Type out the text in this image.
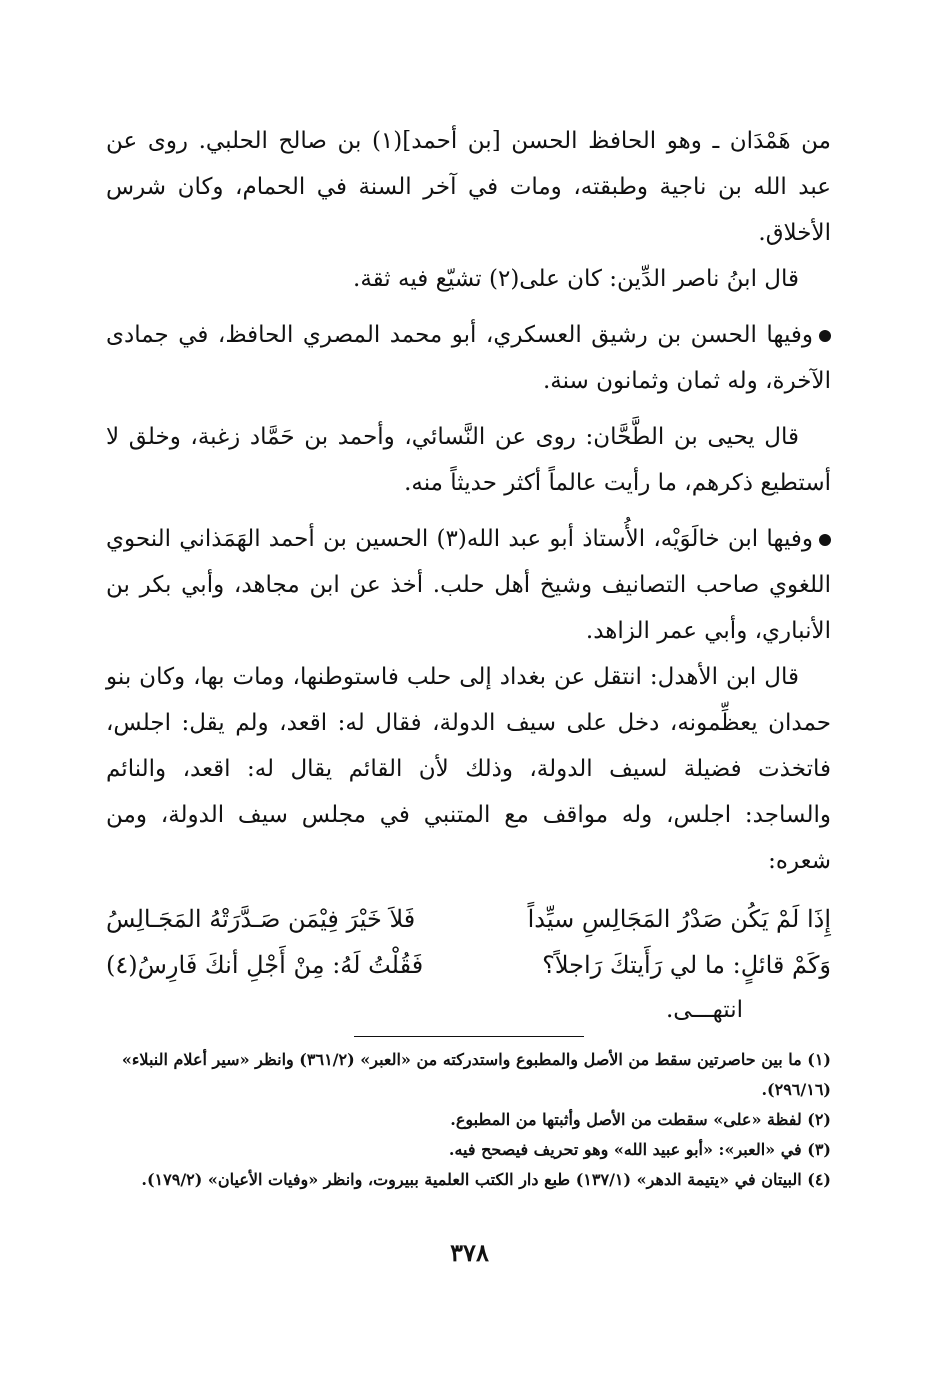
من هَمْدَان ـ وهو الحافظ الحسن [بن أحمد](١) بن صالح الحلبي. روى عن عبد الله بن ناجية وطبقته، ومات في آخر السنة في الحمام، وكان شرس الأخلاق.

قال ابنُ ناصر الدِّين: كان على(٢) تشيّع فيه ثقة.

وفيها الحسن بن رشيق العسكري، أبو محمد المصري الحافظ، في جمادى الآخرة، وله ثمان وثمانون سنة.

قال يحيى بن الطَّحَّان: روى عن النَّسائي، وأحمد بن حَمَّاد زغبة، وخلق لا أستطيع ذكرهم، ما رأيت عالماً أكثر حديثاً منه.

وفيها ابن خالَوَيْه، الأُستاذ أبو عبد الله(٣) الحسين بن أحمد الهَمَذاني النحوي اللغوي صاحب التصانيف وشيخ أهل حلب. أخذ عن ابن مجاهد، وأبي بكر بن الأنباري، وأبي عمر الزاهد.

قال ابن الأهدل: انتقل عن بغداد إلى حلب فاستوطنها، ومات بها، وكان بنو حمدان يعظِّمونه، دخل على سيف الدولة، فقال له: اقعد، ولم يقل: اجلس، فاتخذت فضيلة لسيف الدولة، وذلك لأن القائم يقال له: اقعد، والنائم والساجد: اجلس، وله مواقف مع المتنبي في مجلس سيف الدولة، ومن شعره:

إِذَا لَمْ يَكُن صَدْرُ المَجَالِسِ سيِّداً
فَلاَ خَيْرَ فِيْمَن صَـدَّرَتْهُ المَجَـالِسُ
وَكَمْ قائلٍ: ما لي رَأَيتكَ رَاجلاً؟
فَقُلْتُ لَهُ: مِنْ أَجْلِ أنكَ فَارِسُ(٤)
انتهـــى.

(١) ما بين حاصرتين سقط من الأصل والمطبوع واستدركته من «العبر» (٣٦١/٢) وانظر «سير أعلام النبلاء» (٢٩٦/١٦).

(٢) لفظة «على» سقطت من الأصل وأثبتها من المطبوع.

(٣) في «العبر»: «أبو عبيد الله» وهو تحريف فيصحح فيه.

(٤) البيتان في «يتيمة الدهر» (١٣٧/١) طبع دار الكتب العلمية ببيروت، وانظر «وفيات الأعيان» (١٧٩/٢).

٣٧٨
